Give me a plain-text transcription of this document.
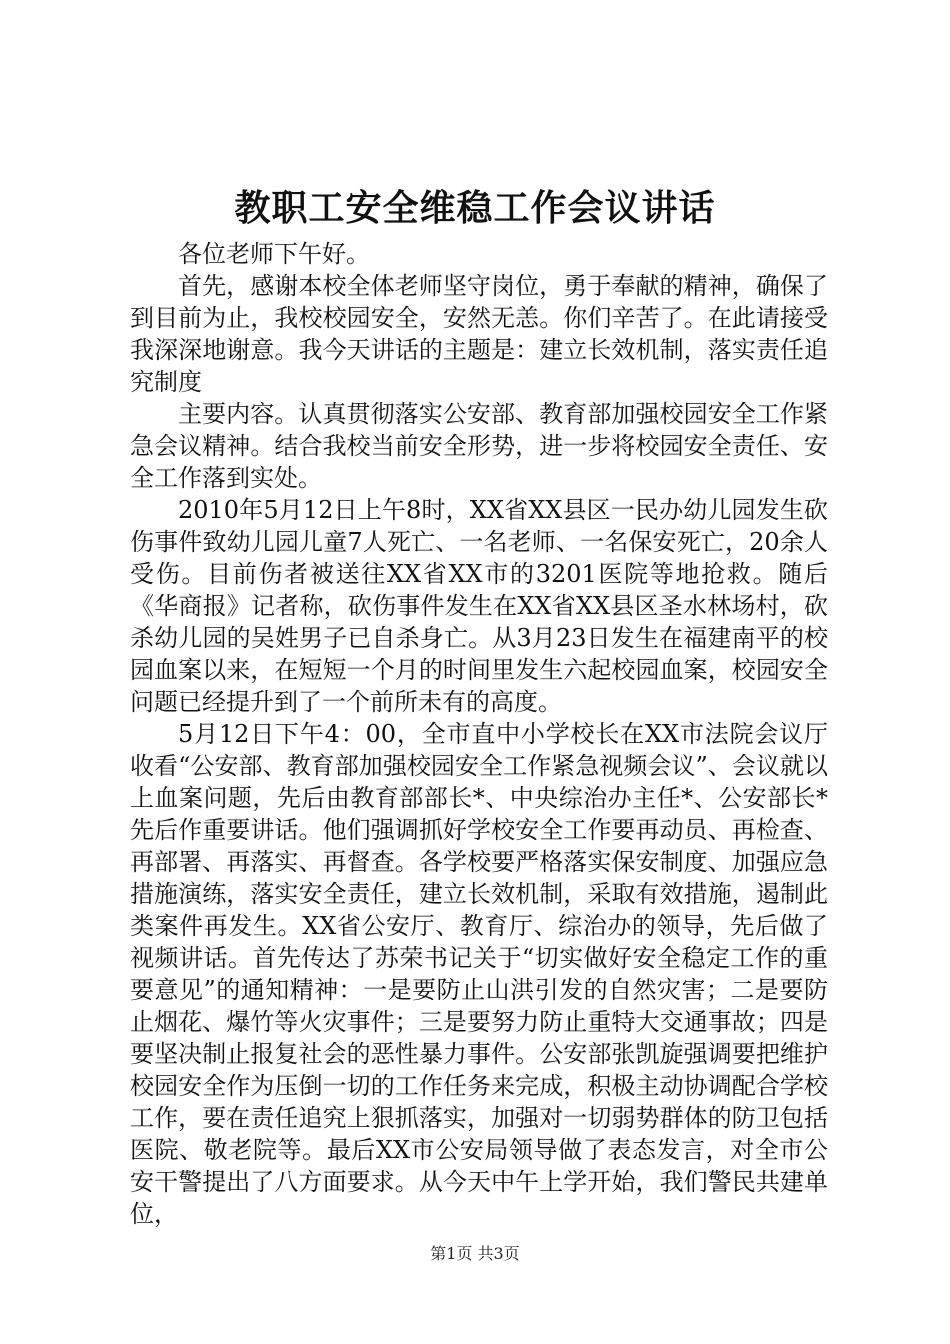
教职工安全维稳工作会议讲话

各位老师下午好。

首先，感谢本校全体老师坚守岗位，勇于奉献的精神，确保了到目前为止，我校校园安全，安然无恙。你们辛苦了。在此请接受我深深地谢意。我今天讲话的主题是：建立长效机制，落实责任追究制度

主要内容。认真贯彻落实公安部、教育部加强校园安全工作紧急会议精神。结合我校当前安全形势，进一步将校园安全责任、安全工作落到实处。

2010年5月12日上午8时，XX省XX县区一民办幼儿园发生砍伤事件致幼儿园儿童7人死亡、一名老师、一名保安死亡，20余人受伤。目前伤者被送往XX省XX市的3201医院等地抢救。随后《华商报》记者称，砍伤事件发生在XX省XX县区圣水林场村，砍杀幼儿园的吴姓男子已自杀身亡。从3月23日发生在福建南平的校园血案以来，在短短一个月的时间里发生六起校园血案，校园安全问题已经提升到了一个前所未有的高度。

5月12日下午4：00，全市直中小学校长在XX市法院会议厅收看“公安部、教育部加强校园安全工作紧急视频会议”、会议就以上血案问题，先后由教育部部长*、中央综治办主任*、公安部长*先后作重要讲话。他们强调抓好学校安全工作要再动员、再检查、再部署、再落实、再督查。各学校要严格落实保安制度、加强应急措施演练，落实安全责任，建立长效机制，采取有效措施，遏制此类案件再发生。XX省公安厅、教育厅、综治办的领导，先后做了视频讲话。首先传达了苏荣书记关于“切实做好安全稳定工作的重要意见”的通知精神：一是要防止山洪引发的自然灾害；二是要防止烟花、爆竹等火灾事件；三是要努力防止重特大交通事故；四是要坚决制止报复社会的恶性暴力事件。公安部张凯旋强调要把维护校园安全作为压倒一切的工作任务来完成，积极主动协调配合学校工作，要在责任追究上狠抓落实，加强对一切弱势群体的防卫包括医院、敬老院等。最后XX市公安局领导做了表态发言，对全市公安干警提出了八方面要求。从今天中午上学开始，我们警民共建单位，

第1页 共3页
